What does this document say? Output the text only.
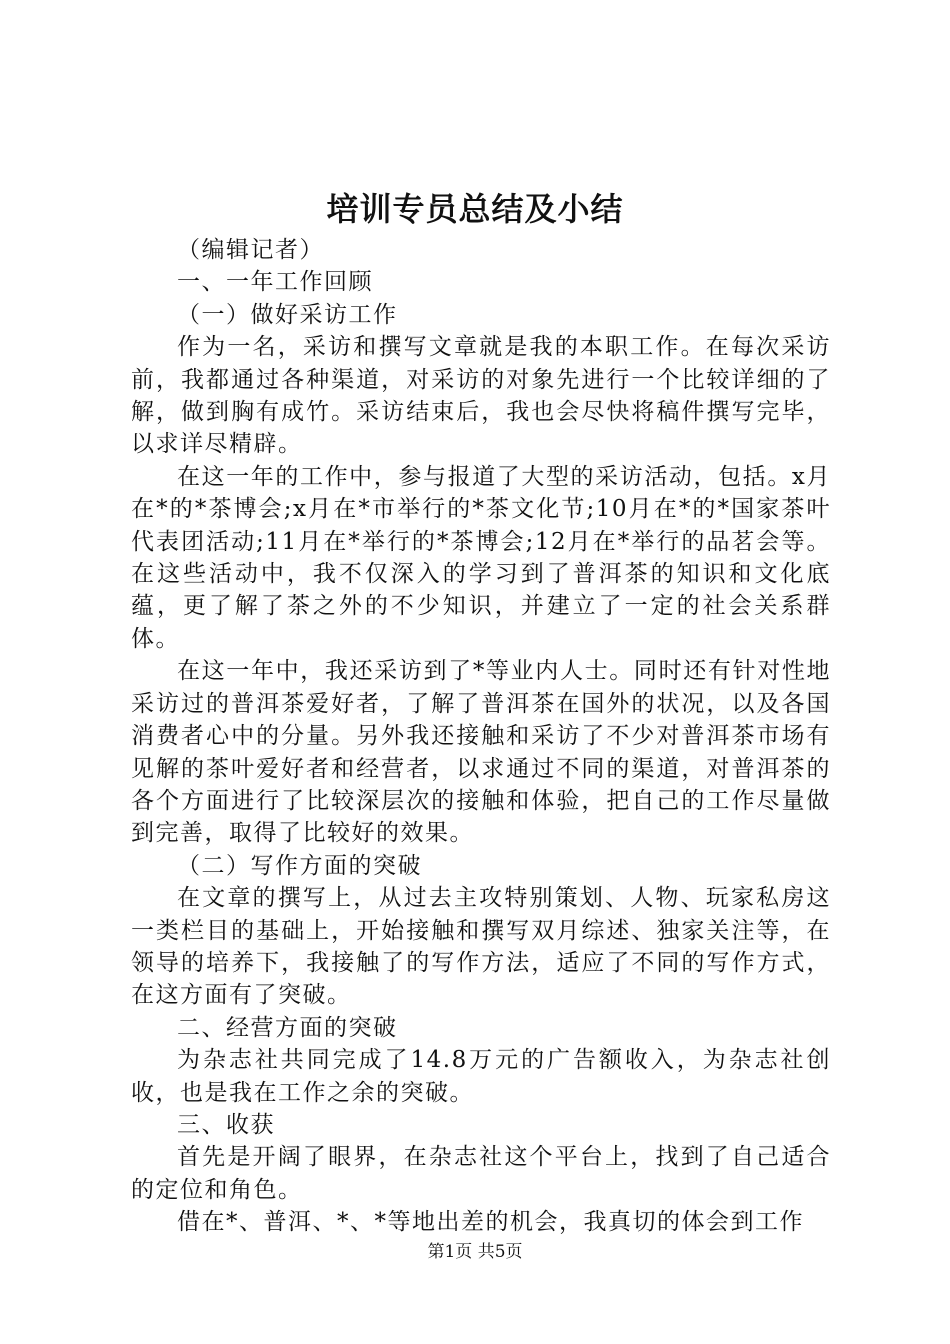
培训专员总结及小结

（编辑记者）

一、一年工作回顾

（一）做好采访工作

作为一名，采访和撰写文章就是我的本职工作。在每次采访前，我都通过各种渠道，对采访的对象先进行一个比较详细的了解，做到胸有成竹。采访结束后，我也会尽快将稿件撰写完毕，以求详尽精辟。

在这一年的工作中，参与报道了大型的采访活动，包括。x月在*的*茶博会;x月在*市举行的*茶文化节;10月在*的*国家茶叶代表团活动;11月在*举行的*茶博会;12月在*举行的品茗会等。在这些活动中，我不仅深入的学习到了普洱茶的知识和文化底蕴，更了解了茶之外的不少知识，并建立了一定的社会关系群体。

在这一年中，我还采访到了*等业内人士。同时还有针对性地采访过的普洱茶爱好者，了解了普洱茶在国外的状况，以及各国消费者心中的分量。另外我还接触和采访了不少对普洱茶市场有见解的茶叶爱好者和经营者，以求通过不同的渠道，对普洱茶的各个方面进行了比较深层次的接触和体验，把自己的工作尽量做到完善，取得了比较好的效果。

（二）写作方面的突破

在文章的撰写上，从过去主攻特别策划、人物、玩家私房这一类栏目的基础上，开始接触和撰写双月综述、独家关注等，在领导的培养下，我接触了的写作方法，适应了不同的写作方式，在这方面有了突破。

二、经营方面的突破

为杂志社共同完成了14.8万元的广告额收入，为杂志社创收，也是我在工作之余的突破。

三、收获

首先是开阔了眼界，在杂志社这个平台上，找到了自己适合的定位和角色。

借在*、普洱、*、*等地出差的机会，我真切的体会到工作

第1页 共5页
